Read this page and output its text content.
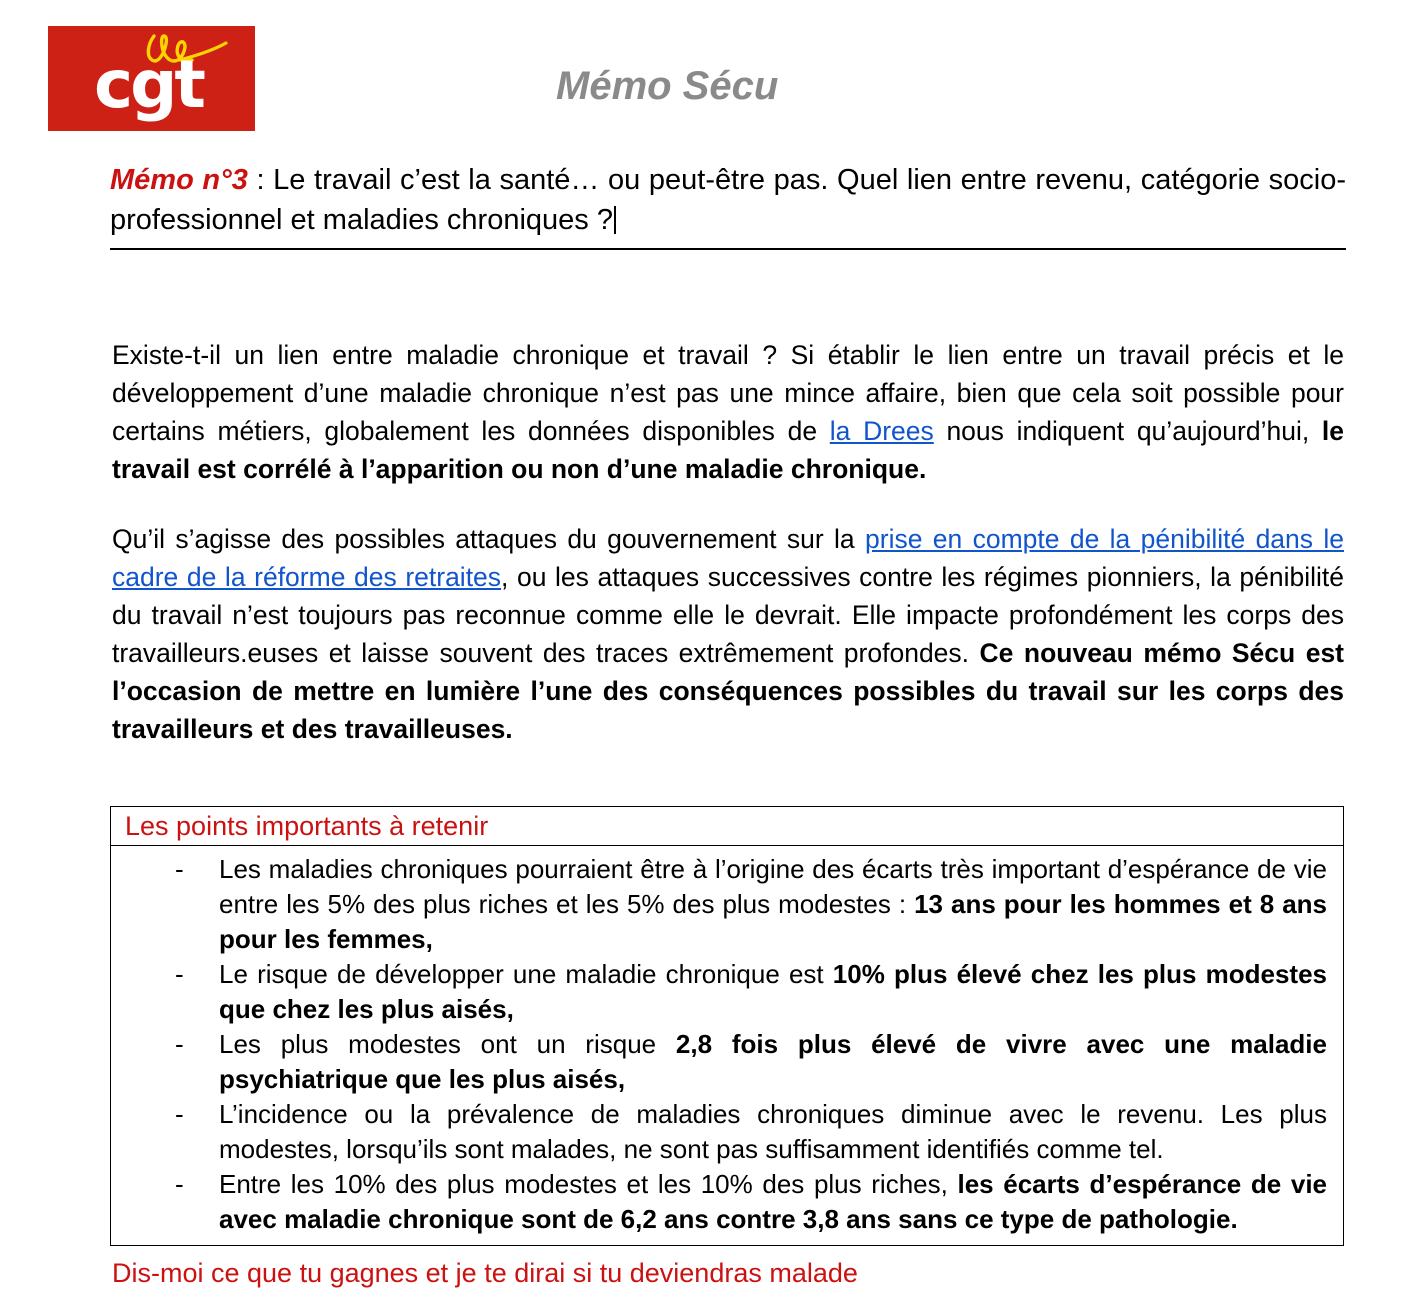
cgt	Mémo Sécu

Mémo n°3 : Le travail c’est la santé… ou peut-être pas. Quel lien entre revenu, catégorie socio-professionnel et maladies chroniques ?

Existe-t-il un lien entre maladie chronique et travail ? Si établir le lien entre un travail précis et le développement d’une maladie chronique n’est pas une mince affaire, bien que cela soit possible pour certains métiers, globalement les données disponibles de la Drees nous indiquent qu’aujourd’hui, le travail est corrélé à l’apparition ou non d’une maladie chronique.

Qu’il s’agisse des possibles attaques du gouvernement sur la prise en compte de la pénibilité dans le cadre de la réforme des retraites, ou les attaques successives contre les régimes pionniers, la pénibilité du travail n’est toujours pas reconnue comme elle le devrait. Elle impacte profondément les corps des travailleurs.euses et laisse souvent des traces extrêmement profondes. Ce nouveau mémo Sécu est l’occasion de mettre en lumière l’une des conséquences possibles du travail sur les corps des travailleurs et des travailleuses.

Les points importants à retenir
- Les maladies chroniques pourraient être à l’origine des écarts très important d’espérance de vie entre les 5% des plus riches et les 5% des plus modestes : 13 ans pour les hommes et 8 ans pour les femmes,
- Le risque de développer une maladie chronique est 10% plus élevé chez les plus modestes que chez les plus aisés,
- Les plus modestes ont un risque 2,8 fois plus élevé de vivre avec une maladie psychiatrique que les plus aisés,
- L’incidence ou la prévalence de maladies chroniques diminue avec le revenu. Les plus modestes, lorsqu’ils sont malades, ne sont pas suffisamment identifiés comme tel.
- Entre les 10% des plus modestes et les 10% des plus riches, les écarts d’espérance de vie avec maladie chronique sont de 6,2 ans contre 3,8 ans sans ce type de pathologie.
Dis-moi ce que tu gagnes et je te dirai si tu deviendras malade
